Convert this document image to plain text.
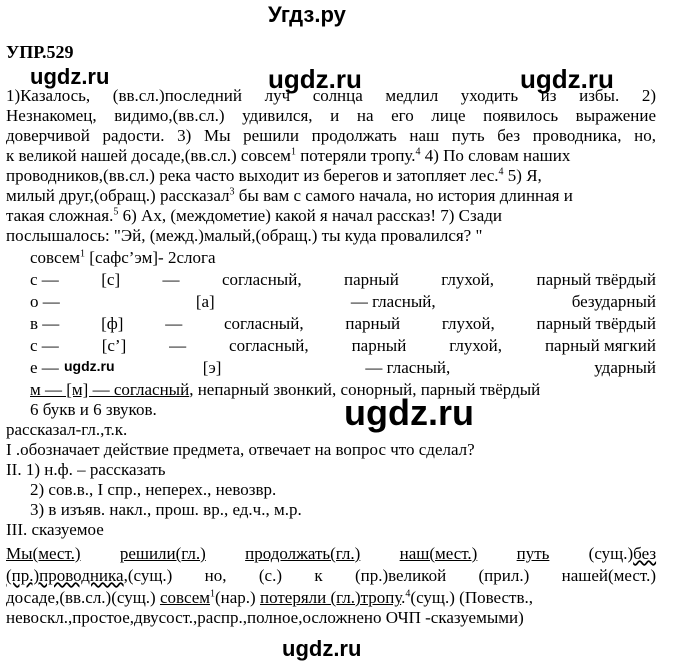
Угдз.ру
УПР.529
ugdz.ru	ugdz.ru	ugdz.ru
1)Казалось, (вв.сл.)последний луч солнца медлил уходить из избы. 2)
Незнакомец, видимо,(вв.сл.) удивился, и на его лице появилось выражение
доверчивой радости. 3) Мы решили продолжать наш путь без проводника, но,
к великой нашей досаде,(вв.сл.) совсем$^1$ потеряли тропу.$^4$ 4) По словам наших
проводников,(вв.сл.) река часто выходит из берегов и затопляет лес.$^4$ 5) Я,
милый друг,(обращ.) рассказал$^3$ бы вам с самого начала, но история длинная и
такая сложная.$^5$ 6) Ах, (междометие) какой я начал рассказ! 7) Сзади
послышалось: "Эй, (межд.)малый,(обращ.) ты куда провалился? "
совсем$^1$ [сафс’эм]- 2слога
с — [с] — согласный, парный глухой, парный твёрдый
о —	[а]	— гласный,	безударный
в — [ф] — согласный, парный глухой, парный твёрдый
с —	[с’]	—	согласный,	парный	глухой,	парный мягкий
е —	[э]	— гласный,	ударный
ugdz.ru
м — [м] — согласный, непарный звонкий, сонорный, парный твёрдый
6 букв и 6 звуков.	ugdz.ru
рассказал-гл.,т.к.
I .обозначает действие предмета, отвечает на вопрос что сделал?
II. 1) н.ф. – рассказать
2) сов.в., I спр., неперех., невозвр.
3) в изъяв. накл., прош. вр., ед.ч., м.р.
III. сказуемое
Мы(мест.) решили(гл.) продолжать(гл.) наш(мест.) путь (сущ.)без
(пр.)проводника,(сущ.) но, (с.) к (пр.)великой (прил.) нашей(мест.)
досаде,(вв.сл.)(сущ.) совсем$^1$(нар.) потеряли (гл.)тропу.$^4$(сущ.) (Повеств.,
невоскл.,простое,двусост.,распр.,полное,осложнено ОЧП -сказуемыми)
ugdz.ru
